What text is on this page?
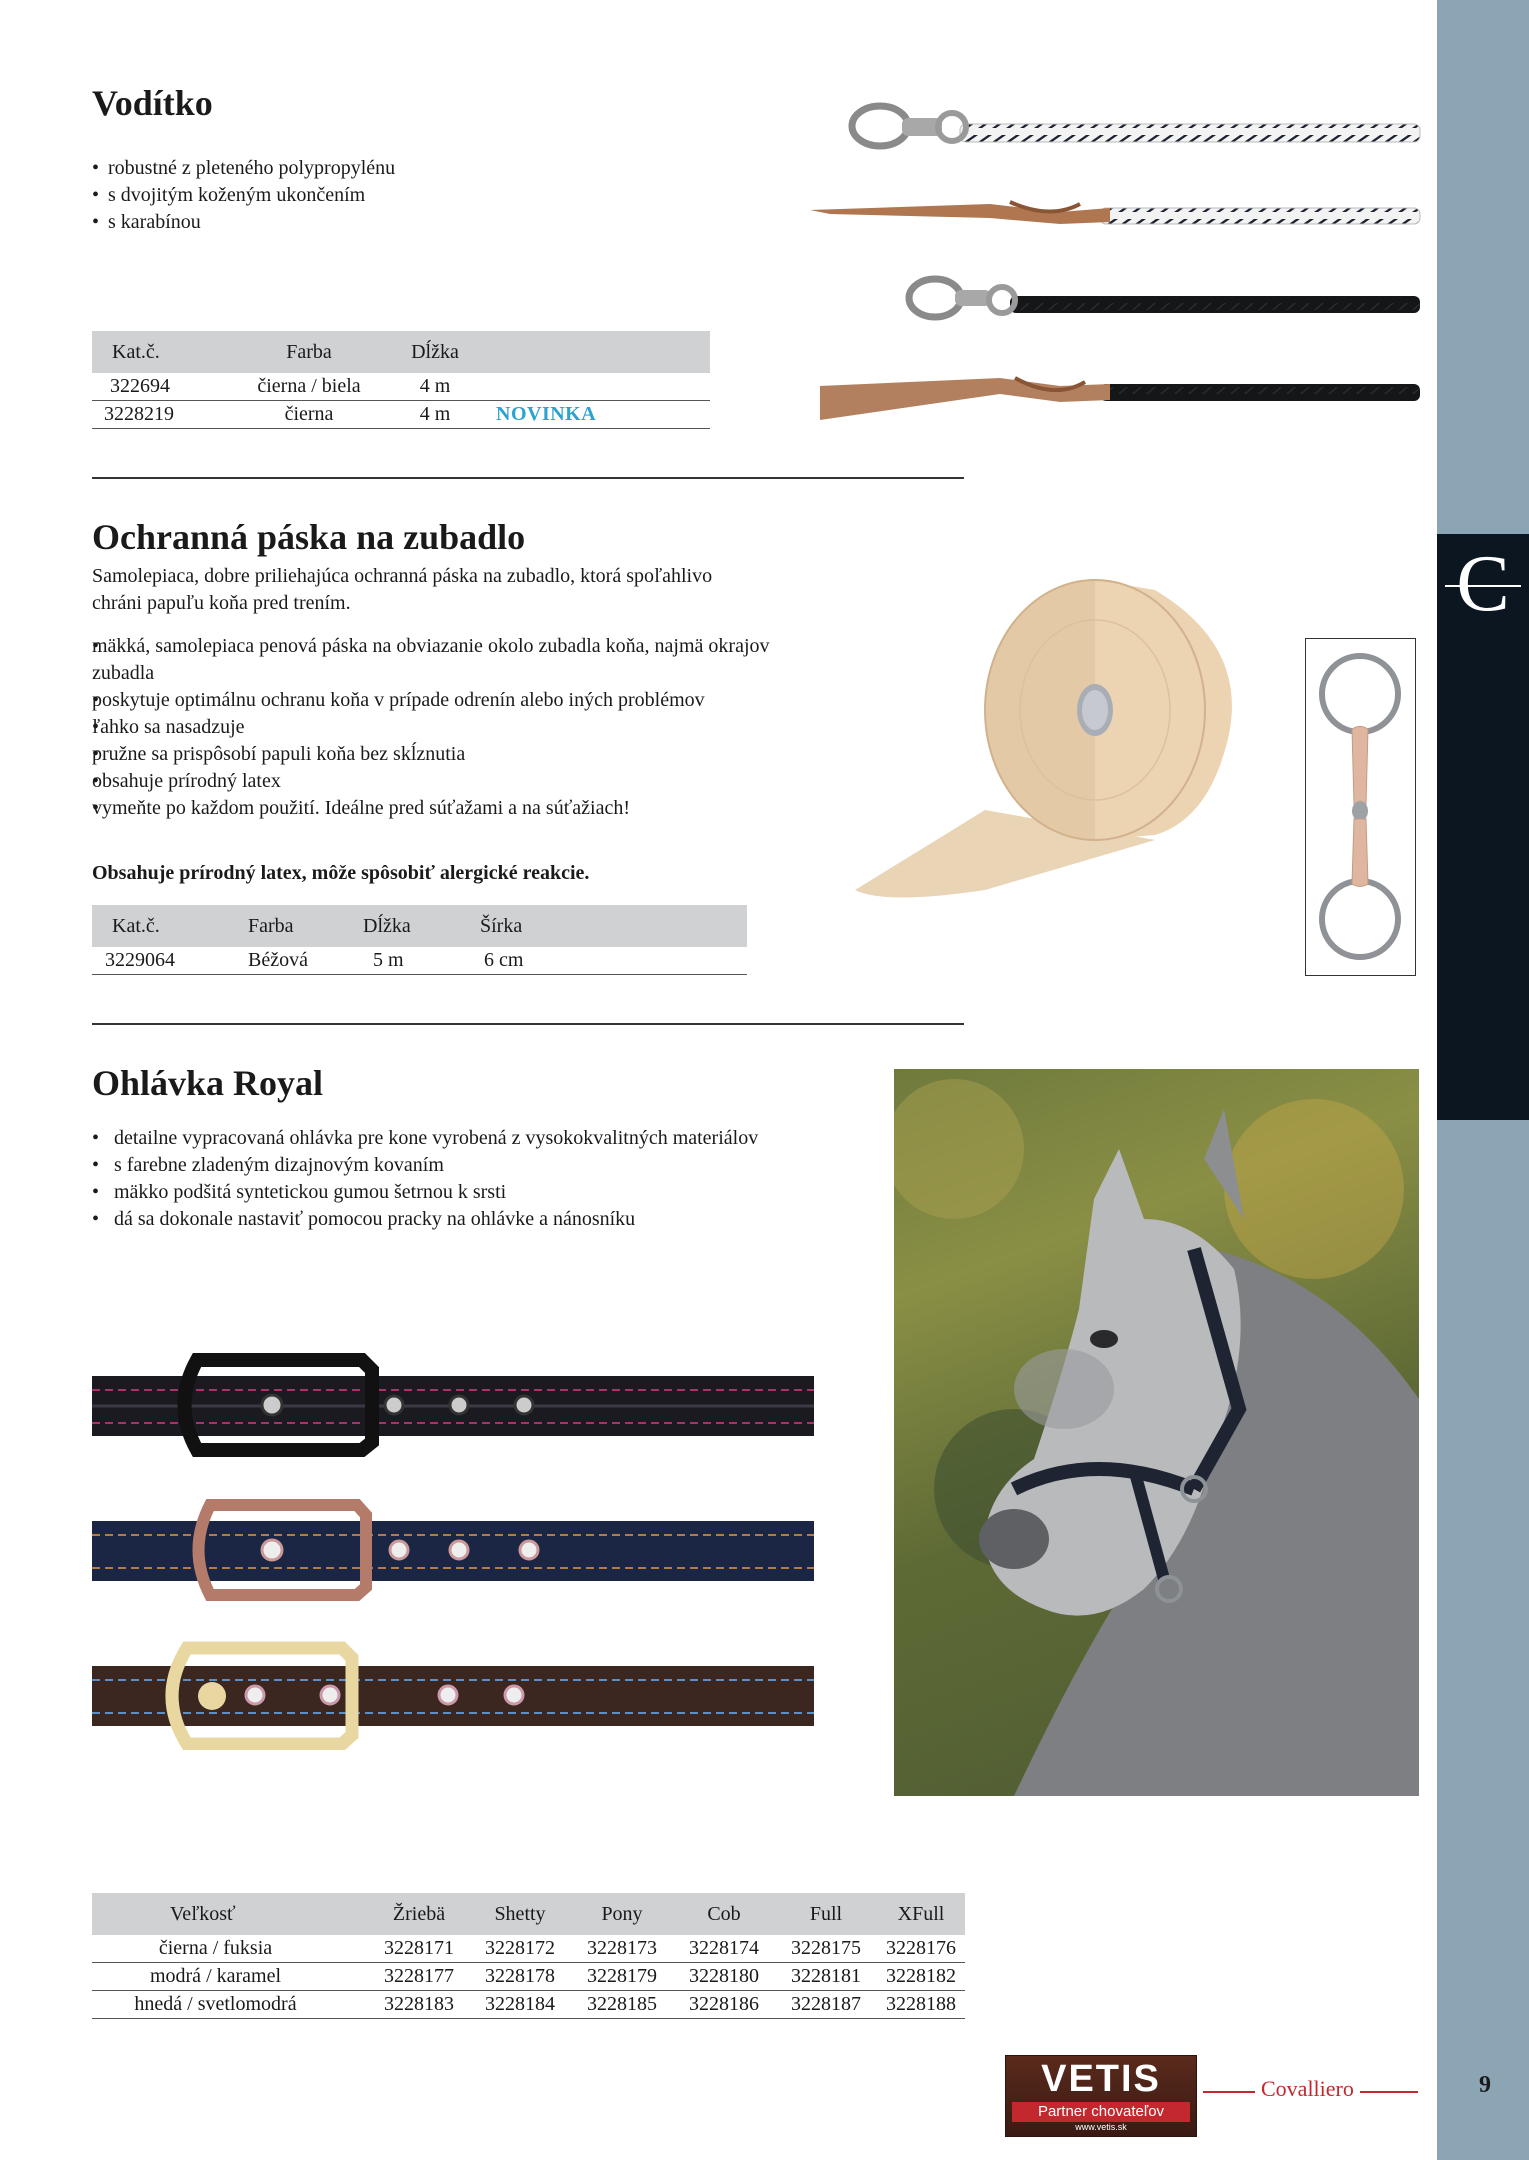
C
Vodítko
• robustné z pleteného polypropylénu
• s dvojitým koženým ukončením
• s karabínou
Kat.č.	Farba	Dĺžka	
322694	čierna / biela	4 m	
3228219	čierna	4 m	NOVINKA
Ochranná páska na zubadlo

Samolepiaca, dobre priliehajúca ochranná páska na zubadlo, ktorá spoľahlivo chráni papuľu koňa pred trením.

• mäkká, samolepiaca penová páska na obviazanie okolo zubadla koňa, najmä okrajov zubadla
• poskytuje optimálnu ochranu koňa v prípade odrenín alebo iných problémov
• ľahko sa nasadzuje
• pružne sa prispôsobí papuli koňa bez skĺznutia
• obsahuje prírodný latex
• vymeňte po každom použití. Ideálne pred súťažami a na súťažiach!

Obsahuje prírodný latex, môže spôsobiť alergické reakcie.

Kat.č.	Farba	Dĺžka	Šírka
3229064	Béžová	5 m	6 cm
Ohlávka Royal
• detailne vypracovaná ohlávka pre kone vyrobená z vysokokvalitných materiálov
• s farebne zladeným dizajnovým kovaním
• mäkko podšitá syntetickou gumou šetrnou k srsti
• dá sa dokonale nastaviť pomocou pracky na ohlávke a nánosníku
Veľkosť	Žriebä	Shetty	Pony	Cob	Full	XFull
čierna / fuksia	3228171	3228172	3228173	3228174	3228175	3228176
modrá / karamel	3228177	3228178	3228179	3228180	3228181	3228182
hnedá / svetlomodrá	3228183	3228184	3228185	3228186	3228187	3228188
VETIS
Partner chovateľov
www.vetis.sk
Covalliero	9
